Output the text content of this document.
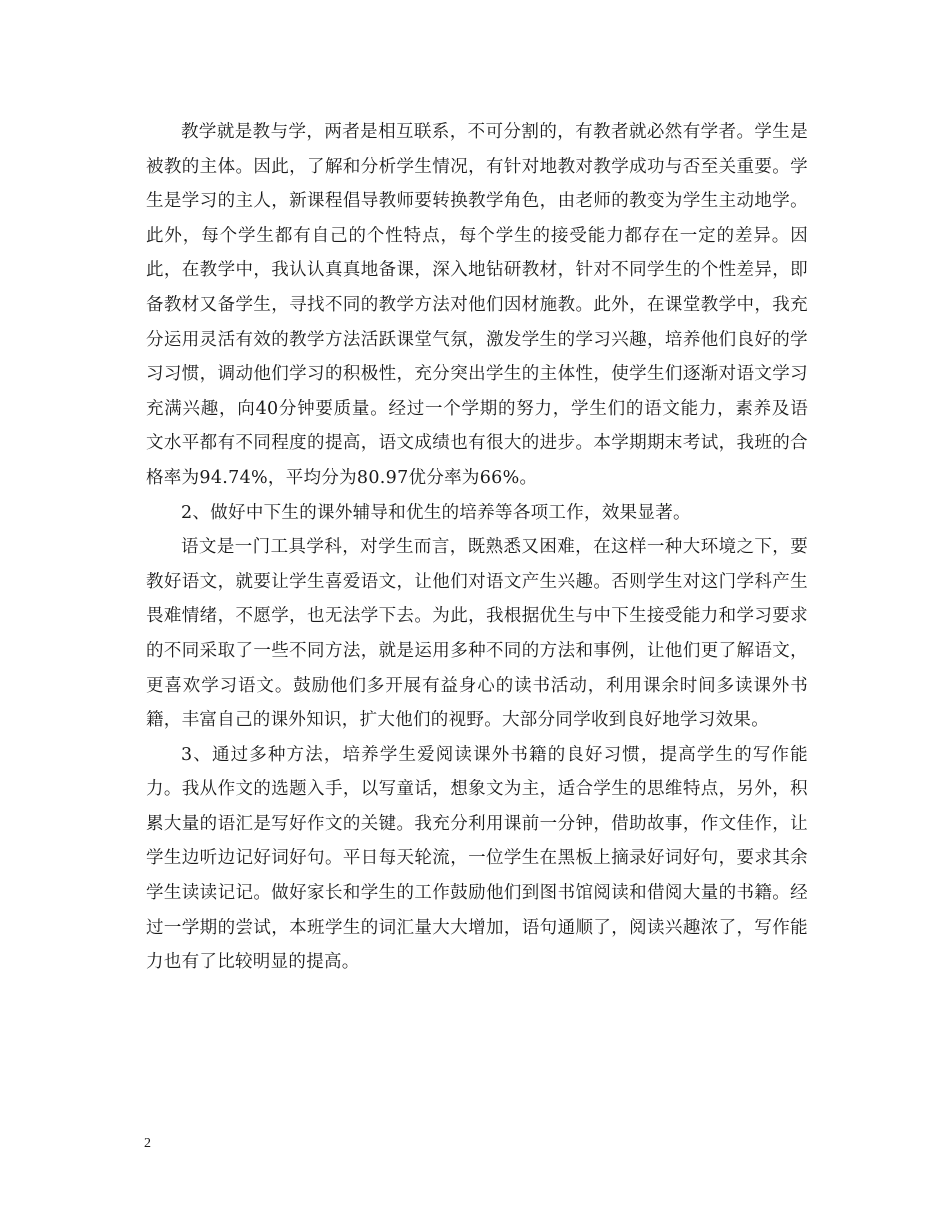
教学就是教与学，两者是相互联系，不可分割的，有教者就必然有学者。学生是被教的主体。因此，了解和分析学生情况，有针对地教对教学成功与否至关重要。学生是学习的主人，新课程倡导教师要转换教学角色，由老师的教变为学生主动地学。此外，每个学生都有自己的个性特点，每个学生的接受能力都存在一定的差异。因此，在教学中，我认认真真地备课，深入地钻研教材，针对不同学生的个性差异，即备教材又备学生，寻找不同的教学方法对他们因材施教。此外，在课堂教学中，我充分运用灵活有效的教学方法活跃课堂气氛，激发学生的学习兴趣，培养他们良好的学习习惯，调动他们学习的积极性，充分突出学生的主体性，使学生们逐渐对语文学习充满兴趣，向40分钟要质量。经过一个学期的努力，学生们的语文能力，素养及语文水平都有不同程度的提高，语文成绩也有很大的进步。本学期期末考试，我班的合格率为94.74%，平均分为80.97优分率为66%。

2、做好中下生的课外辅导和优生的培养等各项工作，效果显著。

语文是一门工具学科，对学生而言，既熟悉又困难，在这样一种大环境之下，要教好语文，就要让学生喜爱语文，让他们对语文产生兴趣。否则学生对这门学科产生畏难情绪，不愿学，也无法学下去。为此，我根据优生与中下生接受能力和学习要求的不同采取了一些不同方法，就是运用多种不同的方法和事例，让他们更了解语文，更喜欢学习语文。鼓励他们多开展有益身心的读书活动，利用课余时间多读课外书籍，丰富自己的课外知识，扩大他们的视野。大部分同学收到良好地学习效果。

3、通过多种方法，培养学生爱阅读课外书籍的良好习惯，提高学生的写作能力。我从作文的选题入手，以写童话，想象文为主，适合学生的思维特点，另外，积累大量的语汇是写好作文的关键。我充分利用课前一分钟，借助故事，作文佳作，让学生边听边记好词好句。平日每天轮流，一位学生在黑板上摘录好词好句，要求其余学生读读记记。做好家长和学生的工作鼓励他们到图书馆阅读和借阅大量的书籍。经过一学期的尝试，本班学生的词汇量大大增加，语句通顺了，阅读兴趣浓了，写作能力也有了比较明显的提高。

2
